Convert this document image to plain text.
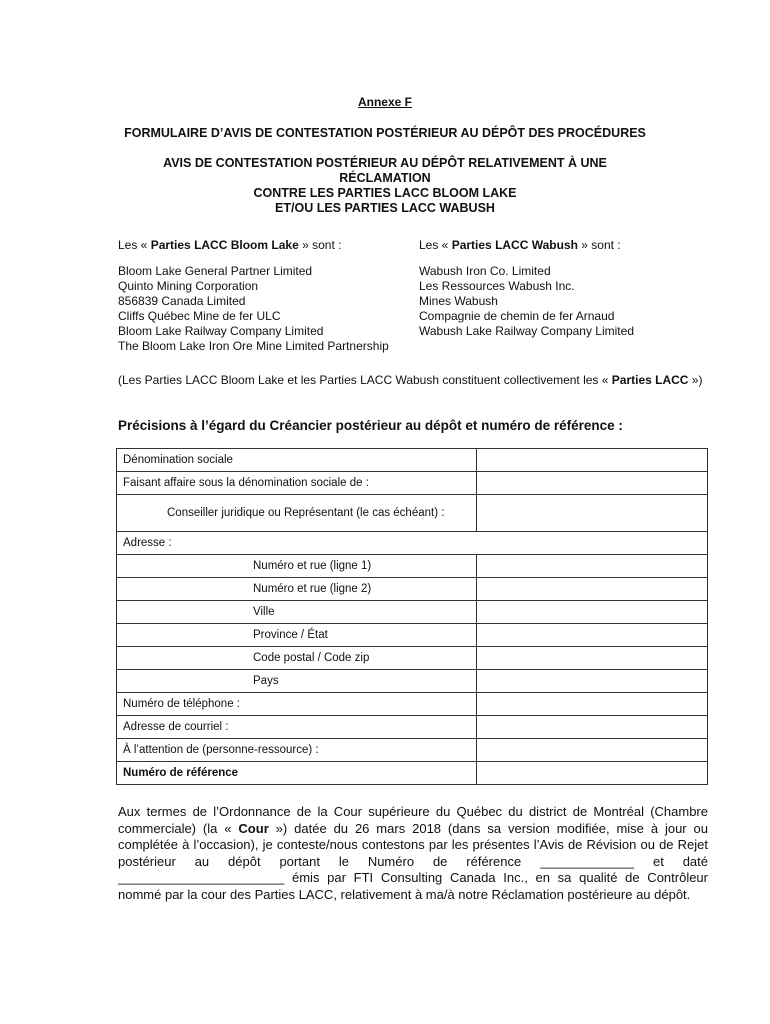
Annexe F
FORMULAIRE D’AVIS DE CONTESTATION POSTÉRIEUR AU DÉPÔT DES PROCÉDURES
AVIS DE CONTESTATION POSTÉRIEUR AU DÉPÔT RELATIVEMENT À UNE
RÉCLAMATION
CONTRE LES PARTIES LACC BLOOM LAKE
ET/OU LES PARTIES LACC WABUSH
Les « Parties LACC Bloom Lake » sont :
Bloom Lake General Partner Limited
Quinto Mining Corporation
856839 Canada Limited
Cliffs Québec Mine de fer ULC
Bloom Lake Railway Company Limited
The Bloom Lake Iron Ore Mine Limited Partnership
Les « Parties LACC Wabush » sont :
Wabush Iron Co. Limited
Les Ressources Wabush Inc.
Mines Wabush
Compagnie de chemin de fer Arnaud
Wabush Lake Railway Company Limited
(Les Parties LACC Bloom Lake et les Parties LACC Wabush constituent collectivement les « Parties LACC »)
Précisions à l’égard du Créancier postérieur au dépôt et numéro de référence :
Dénomination sociale	
Faisant affaire sous la dénomination sociale de :	
Conseiller juridique ou Représentant (le cas échéant) :	
Adresse :	
Numéro et rue (ligne 1)	
Numéro et rue (ligne 2)	
Ville	
Province / État	
Code postal / Code zip	
Pays	
Numéro de téléphone :	
Adresse de courriel :	
À l’attention de (personne-ressource) :	
Numéro de référence	
Aux termes de l’Ordonnance de la Cour supérieure du Québec du district de Montréal (Chambre commerciale) (la « Cour ») datée du 26 mars 2018 (dans sa version modifiée, mise à jour ou complétée à l’occasion), je conteste/nous contestons par les présentes l’Avis de Révision ou de Rejet postérieur au dépôt portant le Numéro de référence _____________ et daté _______________________ émis par FTI Consulting Canada Inc., en sa qualité de Contrôleur nommé par la cour des Parties LACC, relativement à ma/à notre Réclamation postérieure au dépôt.
